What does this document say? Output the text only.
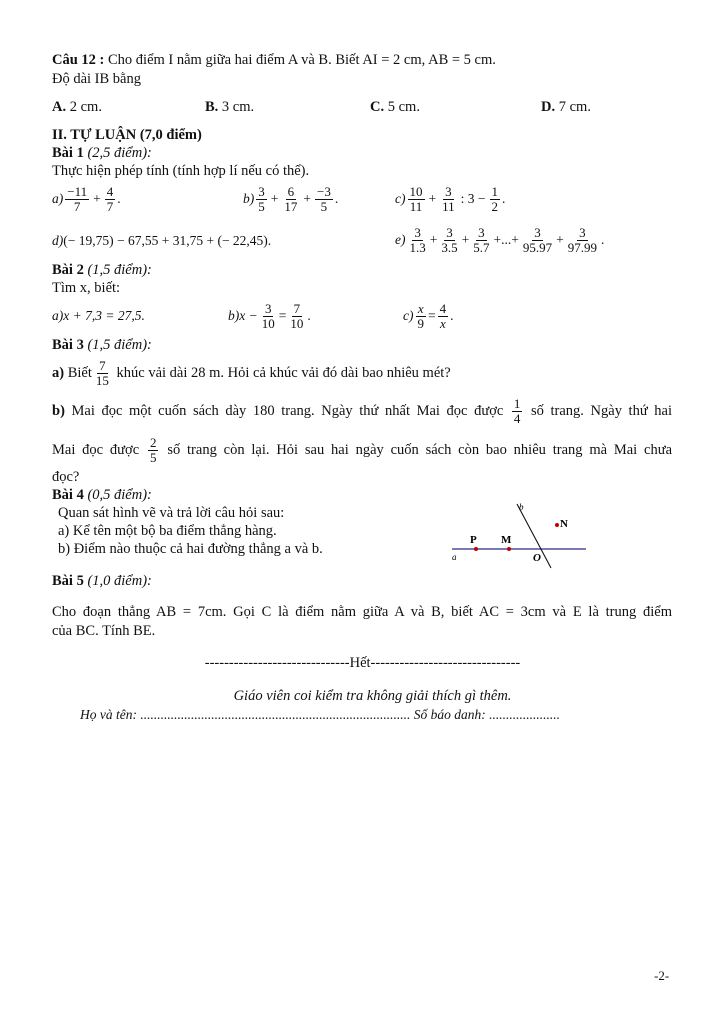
Câu 12 : Cho điểm I nằm giữa hai điểm A và B. Biết AI = 2 cm, AB = 5 cm.
Độ dài IB bằng
A. 2 cm.	B. 3 cm.	C. 5 cm.	D. 7 cm.
II. TỰ LUẬN (7,0 điểm)
Bài 1 (2,5 điểm):
Thực hiện phép tính (tính hợp lí nếu có thể).
$a) \frac{-11}{7} + \frac{4}{7}$ .	$b) \frac{3}{5} + \frac{6}{17} + \frac{-3}{5}$ .	$c) \frac{10}{11} + \frac{3}{11}$ : $3 - \frac{1}{2}$ .
d)(− 19,75) − 67,55 + 31,75 + (− 22,45).	$e) \frac{3}{1.3} + \frac{3}{3.5} + \frac{3}{5.7}$ +...+ $\frac{3}{95.97} + \frac{3}{97.99}$ .
Bài 2 (1,5 điểm):
Tìm x, biết:
a)x + 7,3 = 27,5.	$b)x - \frac{3}{10} = \frac{7}{10}$ .	$c) \frac{x}{9} = \frac{4}{x}$ .
Bài 3 (1,5 điểm):
a) Biết $\frac{7}{15}$ khúc vải dài 28 m. Hỏi cả khúc vải đó dài bao nhiêu mét?
b) Mai đọc một cuốn sách dày 180 trang. Ngày thứ nhất Mai đọc được $\frac{1}{4}$ số trang. Ngày thứ hai
Mai đọc được $\frac{2}{5}$ số trang còn lại. Hỏi sau hai ngày cuốn sách còn bao nhiêu trang mà Mai chưa
đọc?
Bài 4 (0,5 điểm):
Quan sát hình vẽ và trả lời câu hỏi sau:
a) Kể tên một bộ ba điểm thẳng hàng.
b) Điểm nào thuộc cả hai đường thẳng a và b.	a
b
P M
N
O
Bài 5 (1,0 điểm):
Cho đoạn thẳng AB = 7cm. Gọi C là điểm nằm giữa A và B, biết AC = 3cm và E là trung điểm
của BC. Tính BE.
------------------------------Hết-------------------------------
Giáo viên coi kiểm tra không giải thích gì thêm.
Họ và tên: ................................................................................ Số báo danh: .....................
-2-
